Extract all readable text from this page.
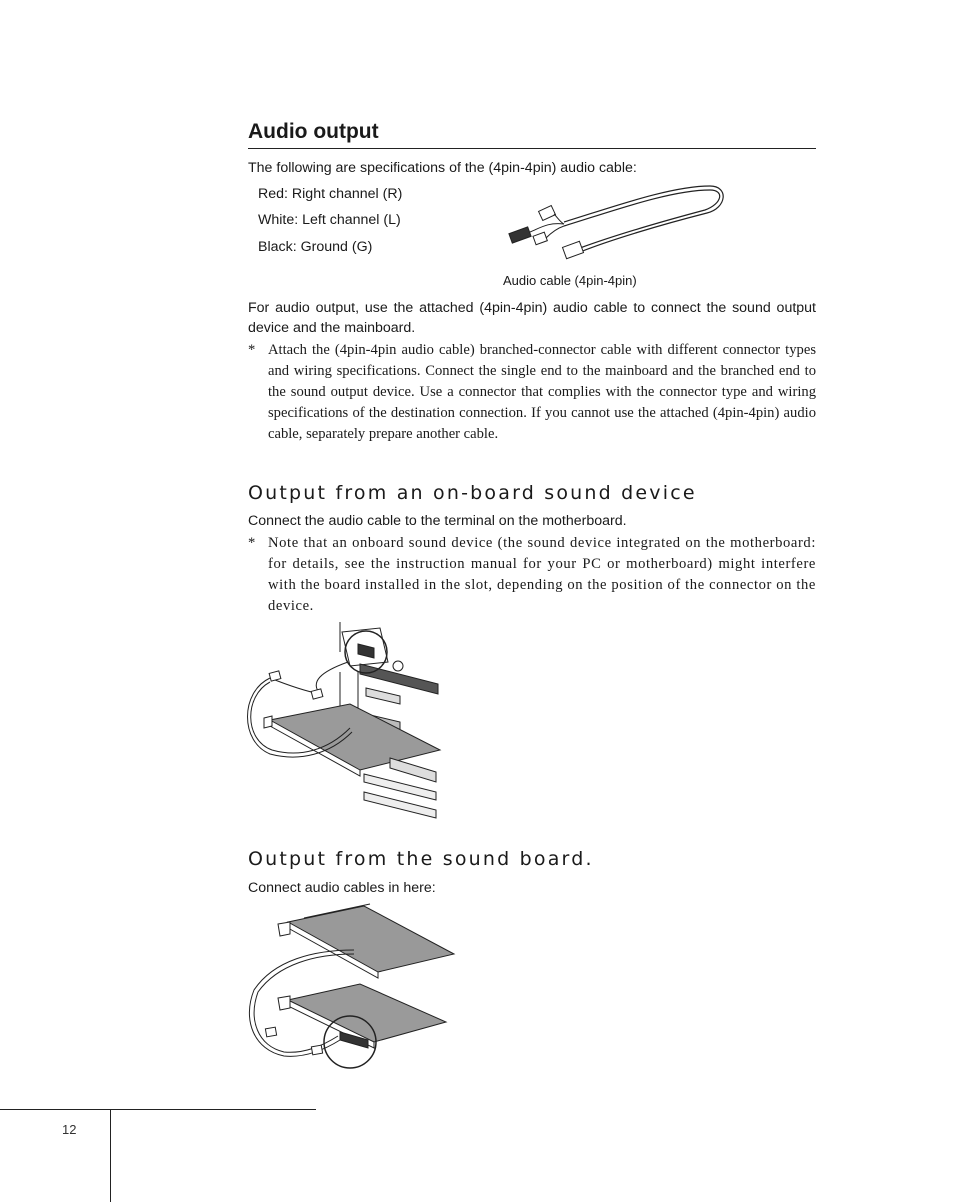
Audio output
The following are specifications of the (4pin-4pin) audio cable:
Red: Right channel (R)
White: Left channel (L)
Black: Ground (G)
Audio cable (4pin-4pin)
For audio output, use the attached (4pin-4pin) audio cable to connect the sound output device and the mainboard.
* Attach the (4pin-4pin audio cable) branched-connector cable with different connector types and wiring specifications. Connect the single end to the mainboard and the branched end to the sound output device. Use a connector that complies with the connector type and wiring specifications of the destination connection. If you cannot use the attached (4pin-4pin) audio cable, separately prepare another cable.
Output from an on-board sound device
Connect the audio cable to the terminal on the motherboard.
* Note that an onboard sound device (the sound device integrated on the motherboard: for details, see the instruction manual for your PC or motherboard) might interfere with the board installed in the slot, depending on the position of the connector on the device.
Output from the sound board.
Connect audio cables in here:
12
